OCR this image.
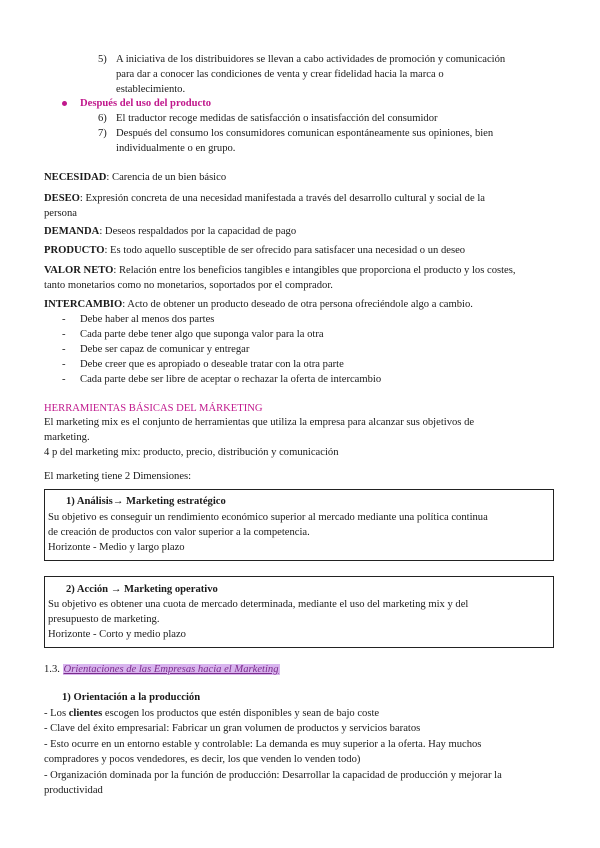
5) A iniciativa de los distribuidores se llevan a cabo actividades de promoción y comunicación
para dar a conocer las condiciones de venta y crear fidelidad hacia la marca o
establecimiento.
Después del uso del producto
6) El traductor recoge medidas de satisfacción o insatisfacción del consumidor
7) Después del consumo los consumidores comunican espontáneamente sus opiniones, bien
individualmente o en grupo.
NECESIDAD: Carencia de un bien básico
DESEO: Expresión concreta de una necesidad manifestada a través del desarrollo cultural y social de la
persona
DEMANDA: Deseos respaldados por la capacidad de pago
PRODUCTO: Es todo aquello susceptible de ser ofrecido para satisfacer una necesidad o un deseo
VALOR NETO: Relación entre los beneficios tangibles e intangibles que proporciona el producto y los costes,
tanto monetarios como no monetarios, soportados por el comprador.
INTERCAMBIO: Acto de obtener un producto deseado de otra persona ofreciéndole algo a cambio.
- Debe haber al menos dos partes
- Cada parte debe tener algo que suponga valor para la otra
- Debe ser capaz de comunicar y entregar
- Debe creer que es apropiado o deseable tratar con la otra parte
- Cada parte debe ser libre de aceptar o rechazar la oferta de intercambio
HERRAMIENTAS BÁSICAS DEL MÁRKETING
El marketing mix es el conjunto de herramientas que utiliza la empresa para alcanzar sus objetivos de
marketing.
4 p del marketing mix: producto, precio, distribución y comunicación
El marketing tiene 2 Dimensiones:
1) Análisis→ Marketing estratégico
Su objetivo es conseguir un rendimiento económico superior al mercado mediante una política continua
de creación de productos con valor superior a la competencia.
Horizonte - Medio y largo plazo
2) Acción → Marketing operativo
Su objetivo es obtener una cuota de mercado determinada, mediante el uso del marketing mix y del
presupuesto de marketing.
Horizonte - Corto y medio plazo
1.3. Orientaciones de las Empresas hacia el Marketing
1) Orientación a la producción
- Los clientes escogen los productos que estén disponibles y sean de bajo coste
- Clave del éxito empresarial: Fabricar un gran volumen de productos y servicios baratos
- Esto ocurre en un entorno estable y controlable: La demanda es muy superior a la oferta. Hay muchos
compradores y pocos vendedores, es decir, los que venden lo venden todo)
- Organización dominada por la función de producción: Desarrollar la capacidad de producción y mejorar la
productividad
